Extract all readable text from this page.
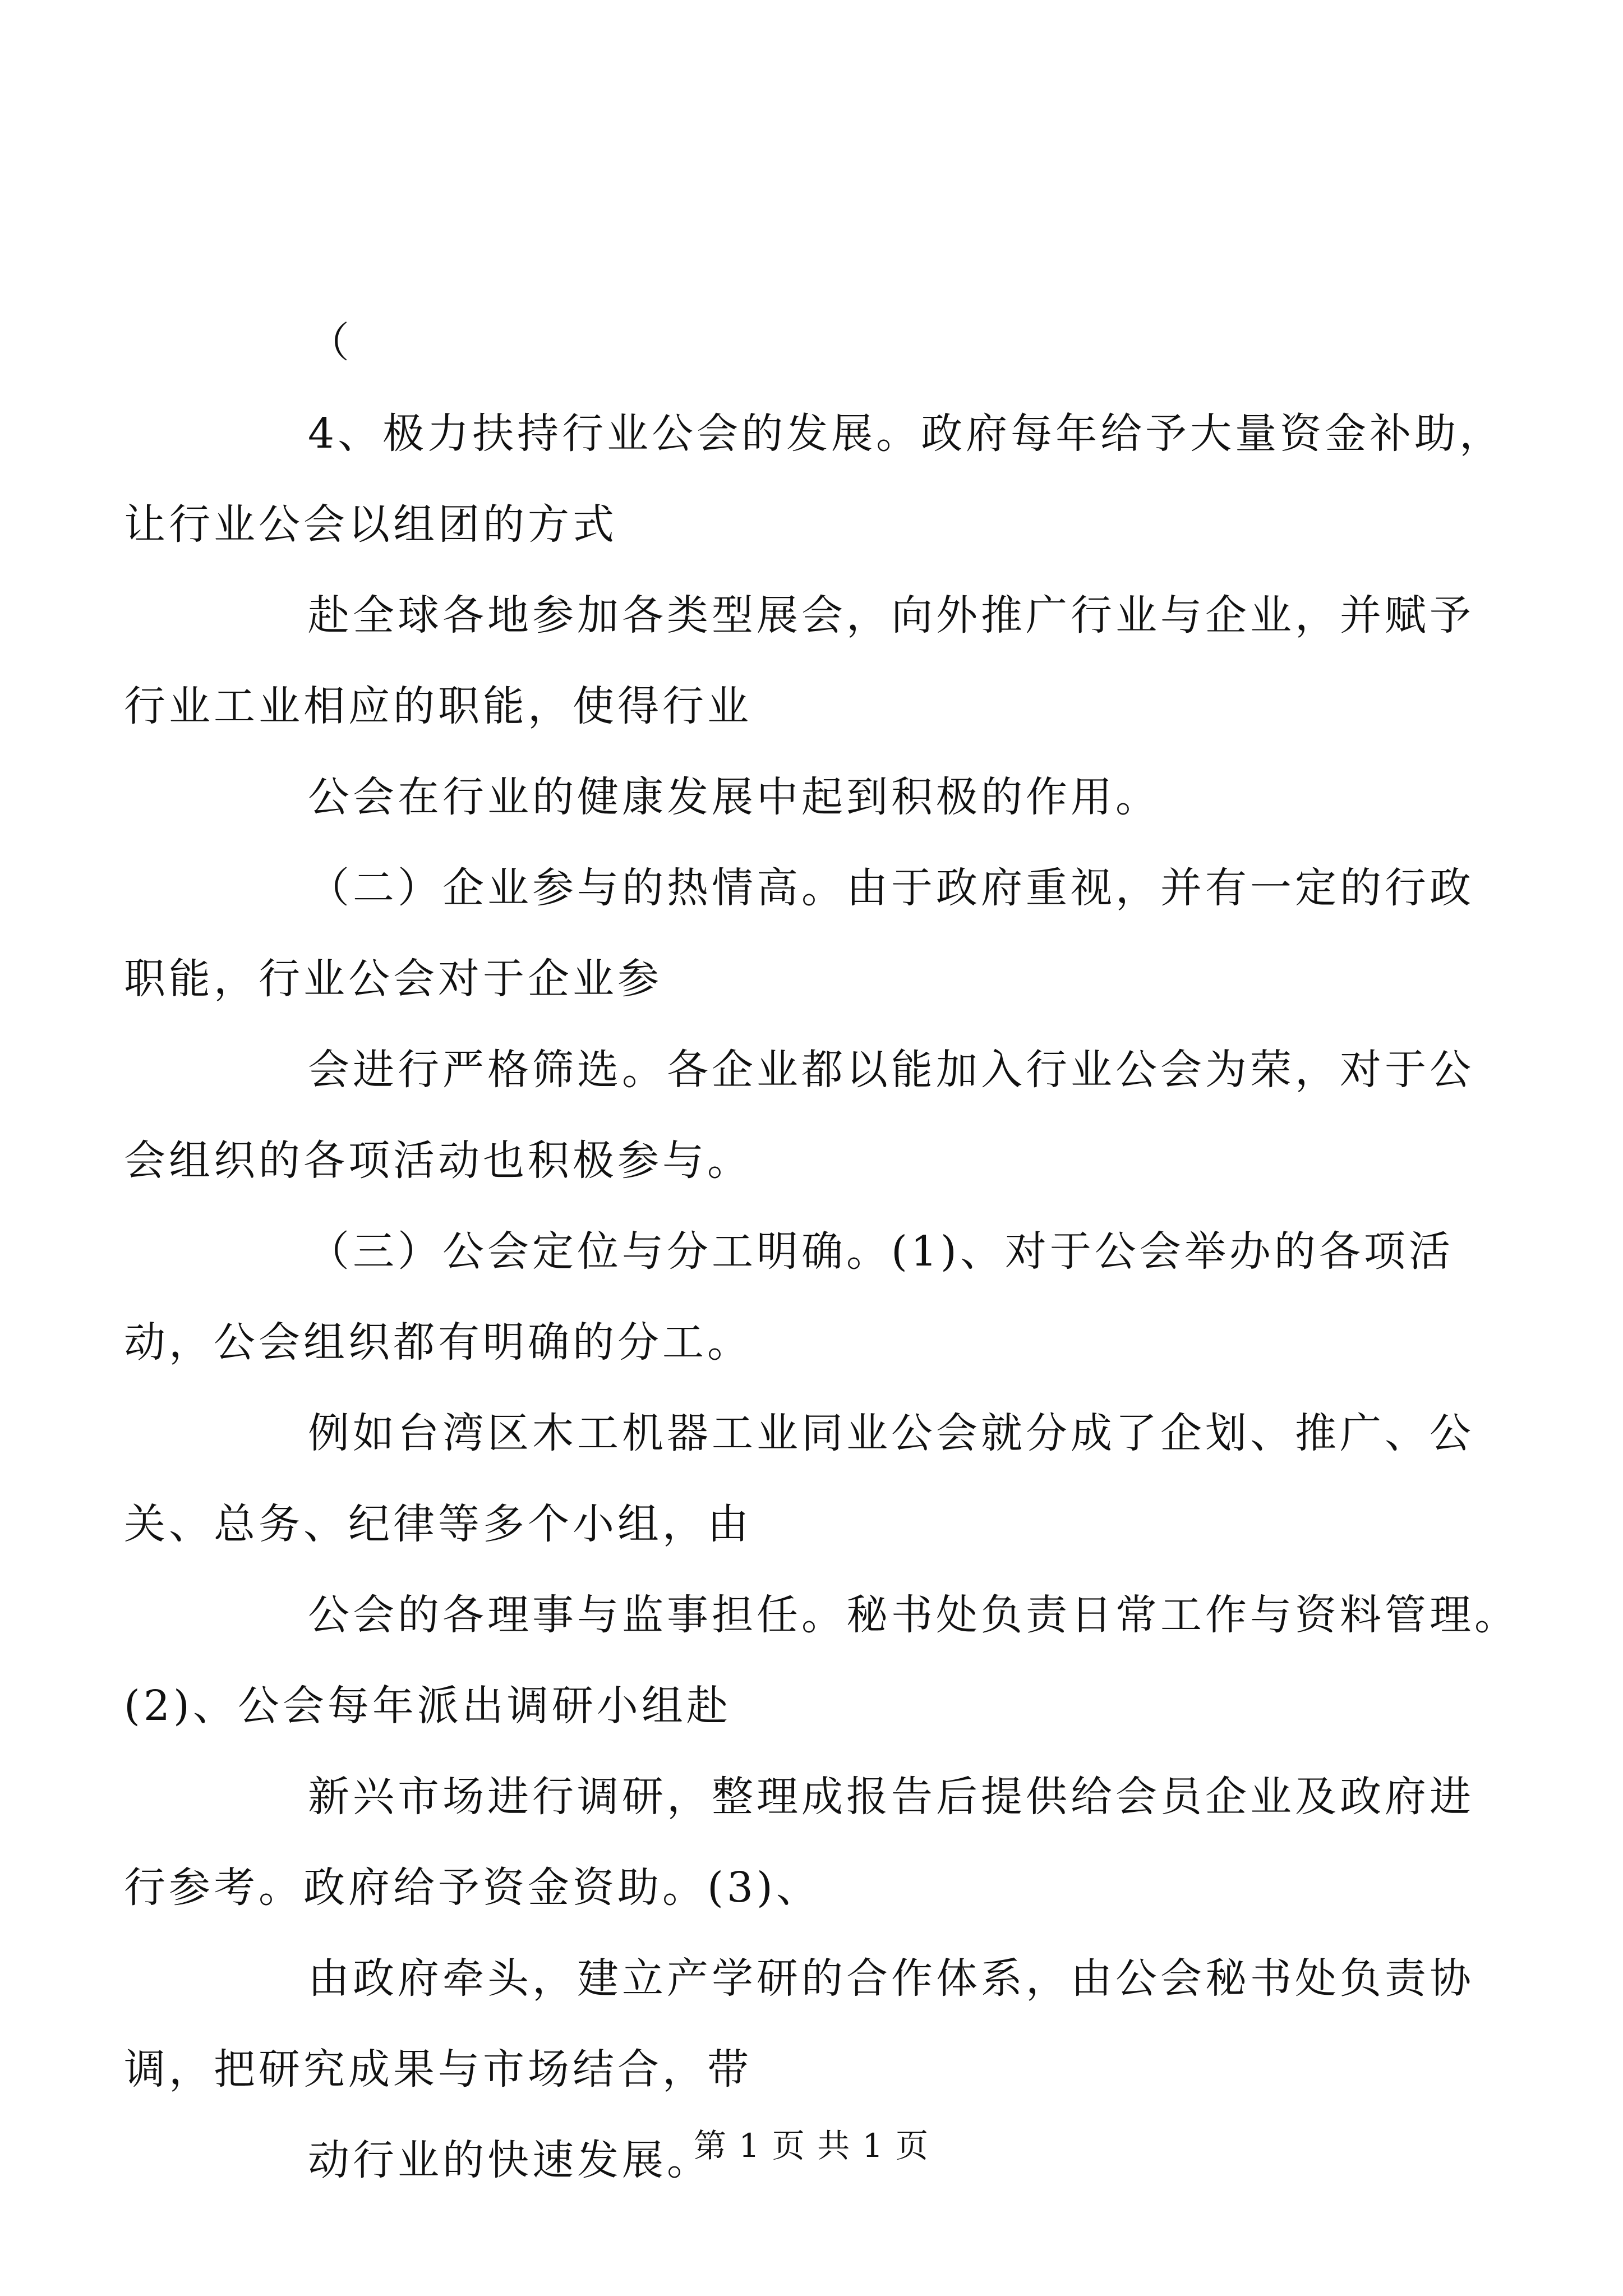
（

4、极力扶持行业公会的发展。政府每年给予大量资金补助，
让行业公会以组团的方式

赴全球各地参加各类型展会，向外推广行业与企业，并赋予
行业工业相应的职能，使得行业

公会在行业的健康发展中起到积极的作用。

（二）企业参与的热情高。由于政府重视，并有一定的行政
职能，行业公会对于企业参

会进行严格筛选。各企业都以能加入行业公会为荣，对于公
会组织的各项活动也积极参与。

（三）公会定位与分工明确。(1)、对于公会举办的各项活
动，公会组织都有明确的分工。

例如台湾区木工机器工业同业公会就分成了企划、推广、公
关、总务、纪律等多个小组，由

公会的各理事与监事担任。秘书处负责日常工作与资料管理。
(2)、公会每年派出调研小组赴

新兴市场进行调研，整理成报告后提供给会员企业及政府进
行参考。政府给予资金资助。(3)、

由政府牵头，建立产学研的合作体系，由公会秘书处负责协
调，把研究成果与市场结合，带

动行业的快速发展。

第 1 页 共 1 页
